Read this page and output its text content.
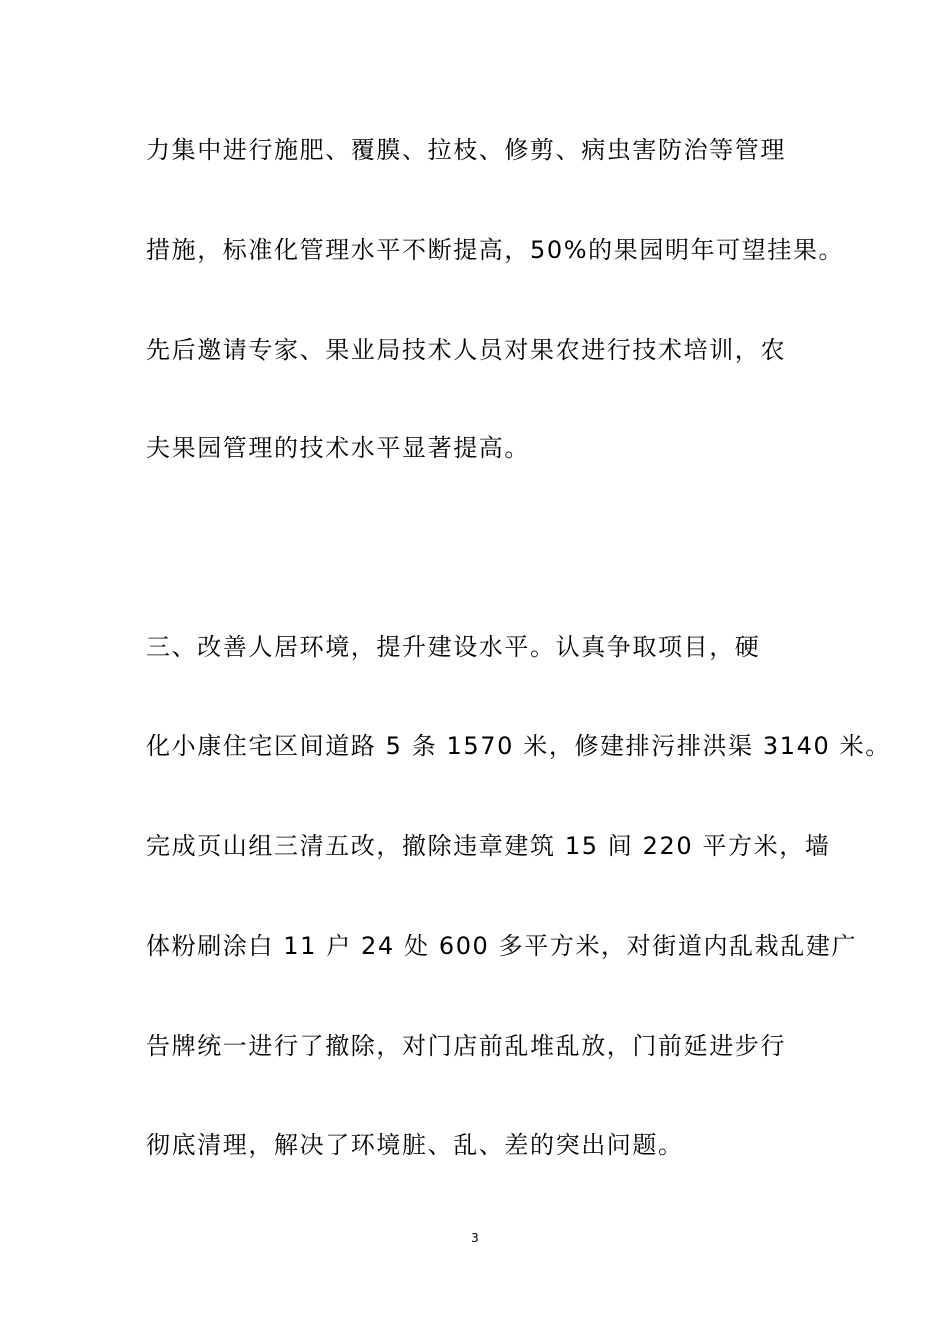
力集中进行施肥、覆膜、拉枝、修剪、病虫害防治等管理
措施，标准化管理水平不断提高，50%的果园明年可望挂果。
先后邀请专家、果业局技术人员对果农进行技术培训，农
夫果园管理的技术水平显著提高。
三、改善人居环境，提升建设水平。认真争取项目，硬
化小康住宅区间道路 5 条 1570 米，修建排污排洪渠 3140 米。
完成页山组三清五改，撤除违章建筑 15 间 220 平方米，墙
体粉刷涂白 11 户 24 处 600 多平方米，对街道内乱栽乱建广
告牌统一进行了撤除，对门店前乱堆乱放，门前延进步行
彻底清理，解决了环境脏、乱、差的突出问题。
3
